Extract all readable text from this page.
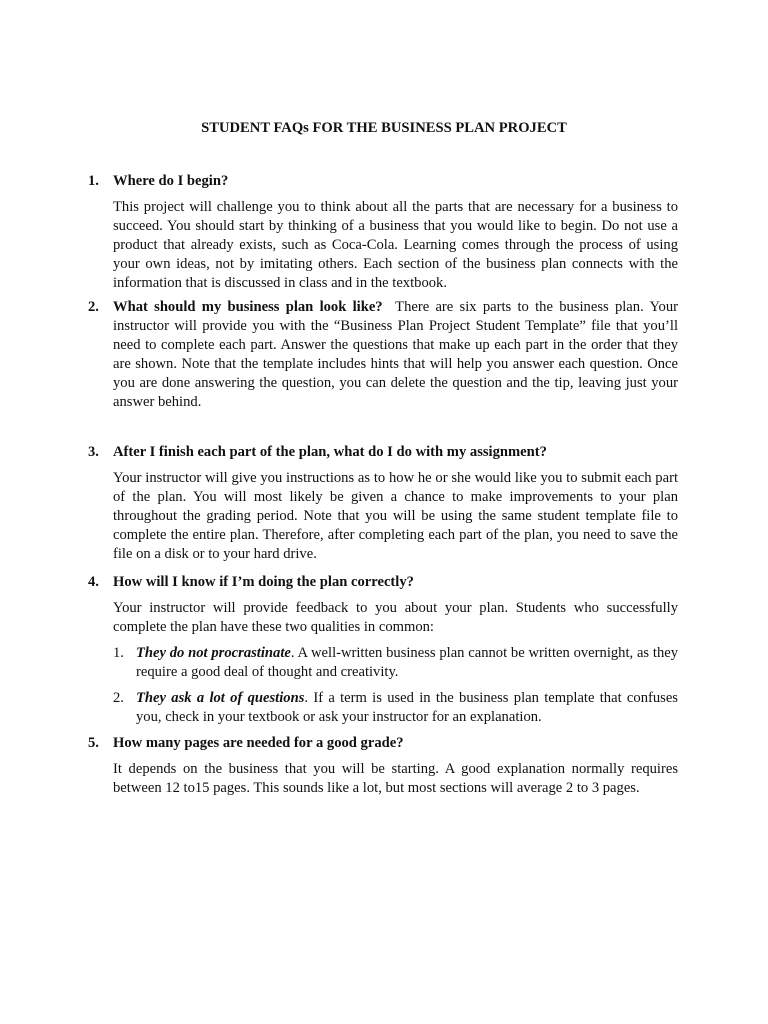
STUDENT FAQs FOR THE BUSINESS PLAN PROJECT
1. Where do I begin?
This project will challenge you to think about all the parts that are necessary for a business to succeed. You should start by thinking of a business that you would like to begin. Do not use a product that already exists, such as Coca-Cola. Learning comes through the process of using your own ideas, not by imitating others. Each section of the business plan connects with the information that is discussed in class and in the textbook.
2. What should my business plan look like? There are six parts to the business plan. Your instructor will provide you with the “Business Plan Project Student Template” file that you’ll need to complete each part. Answer the questions that make up each part in the order that they are shown. Note that the template includes hints that will help you answer each question. Once you are done answering the question, you can delete the question and the tip, leaving just your answer behind.
3. After I finish each part of the plan, what do I do with my assignment?
Your instructor will give you instructions as to how he or she would like you to submit each part of the plan. You will most likely be given a chance to make improvements to your plan throughout the grading period. Note that you will be using the same student template file to complete the entire plan. Therefore, after completing each part of the plan, you need to save the file on a disk or to your hard drive.
4. How will I know if I’m doing the plan correctly?
Your instructor will provide feedback to you about your plan. Students who successfully complete the plan have these two qualities in common:
1. They do not procrastinate. A well-written business plan cannot be written overnight, as they require a good deal of thought and creativity.
2. They ask a lot of questions. If a term is used in the business plan template that confuses you, check in your textbook or ask your instructor for an explanation.
5. How many pages are needed for a good grade?
It depends on the business that you will be starting. A good explanation normally requires between 12 to15 pages. This sounds like a lot, but most sections will average 2 to 3 pages.
